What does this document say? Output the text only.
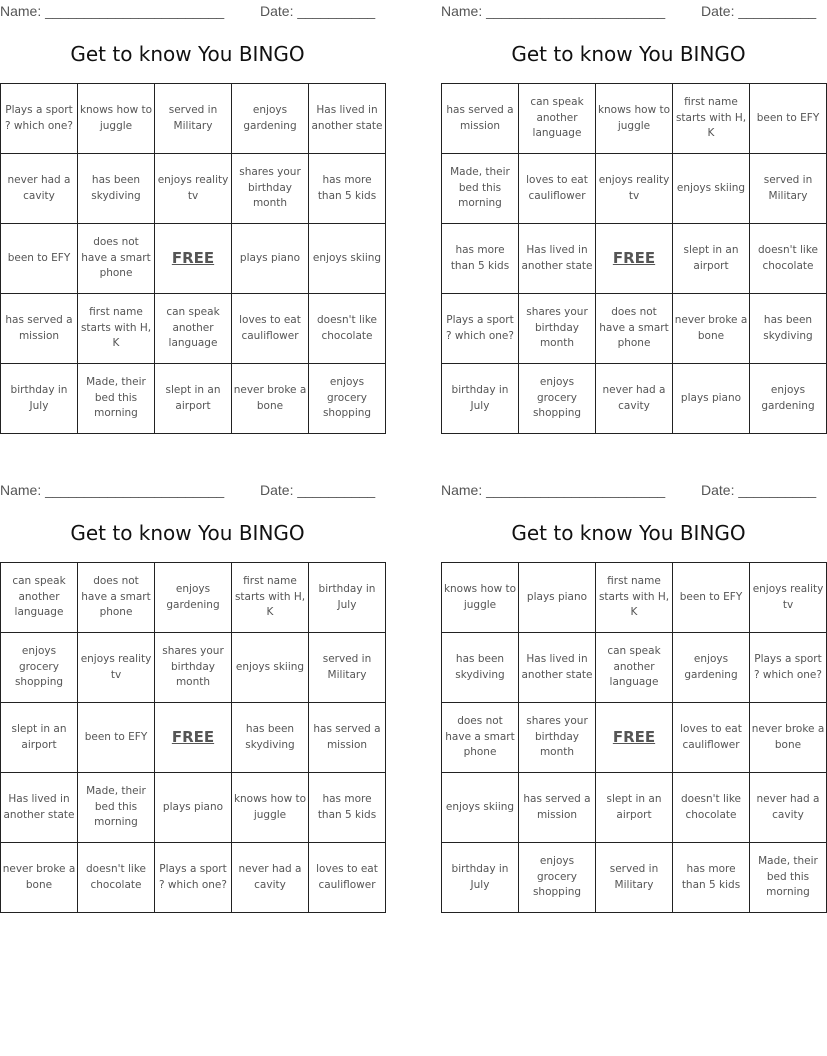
Name: _______________________	Date: __________
Get to know You BINGO
Plays a sport ? which one?	knows how to juggle	served in Military	enjoys gardening	Has lived in another state
never had a cavity	has been skydiving	enjoys reality tv	shares your birthday month	has more than 5 kids
been to EFY	does not have a smart phone	FREE	plays piano	enjoys skiing
has served a mission	first name starts with H, K	can speak another language	loves to eat cauliflower	doesn't like chocolate
birthday in July	Made, their bed this morning	slept in an airport	never broke a bone	enjoys grocery shopping
Name: _______________________	Date: __________
Get to know You BINGO
has served a mission	can speak another language	knows how to juggle	first name starts with H, K	been to EFY
Made, their bed this morning	loves to eat cauliflower	enjoys reality tv	enjoys skiing	served in Military
has more than 5 kids	Has lived in another state	FREE	slept in an airport	doesn't like chocolate
Plays a sport ? which one?	shares your birthday month	does not have a smart phone	never broke a bone	has been skydiving
birthday in July	enjoys grocery shopping	never had a cavity	plays piano	enjoys gardening
Name: _______________________	Date: __________
Get to know You BINGO
can speak another language	does not have a smart phone	enjoys gardening	first name starts with H, K	birthday in July
enjoys grocery shopping	enjoys reality tv	shares your birthday month	enjoys skiing	served in Military
slept in an airport	been to EFY	FREE	has been skydiving	has served a mission
Has lived in another state	Made, their bed this morning	plays piano	knows how to juggle	has more than 5 kids
never broke a bone	doesn't like chocolate	Plays a sport ? which one?	never had a cavity	loves to eat cauliflower
Name: _______________________	Date: __________
Get to know You BINGO
knows how to juggle	plays piano	first name starts with H, K	been to EFY	enjoys reality tv
has been skydiving	Has lived in another state	can speak another language	enjoys gardening	Plays a sport ? which one?
does not have a smart phone	shares your birthday month	FREE	loves to eat cauliflower	never broke a bone
enjoys skiing	has served a mission	slept in an airport	doesn't like chocolate	never had a cavity
birthday in July	enjoys grocery shopping	served in Military	has more than 5 kids	Made, their bed this morning
